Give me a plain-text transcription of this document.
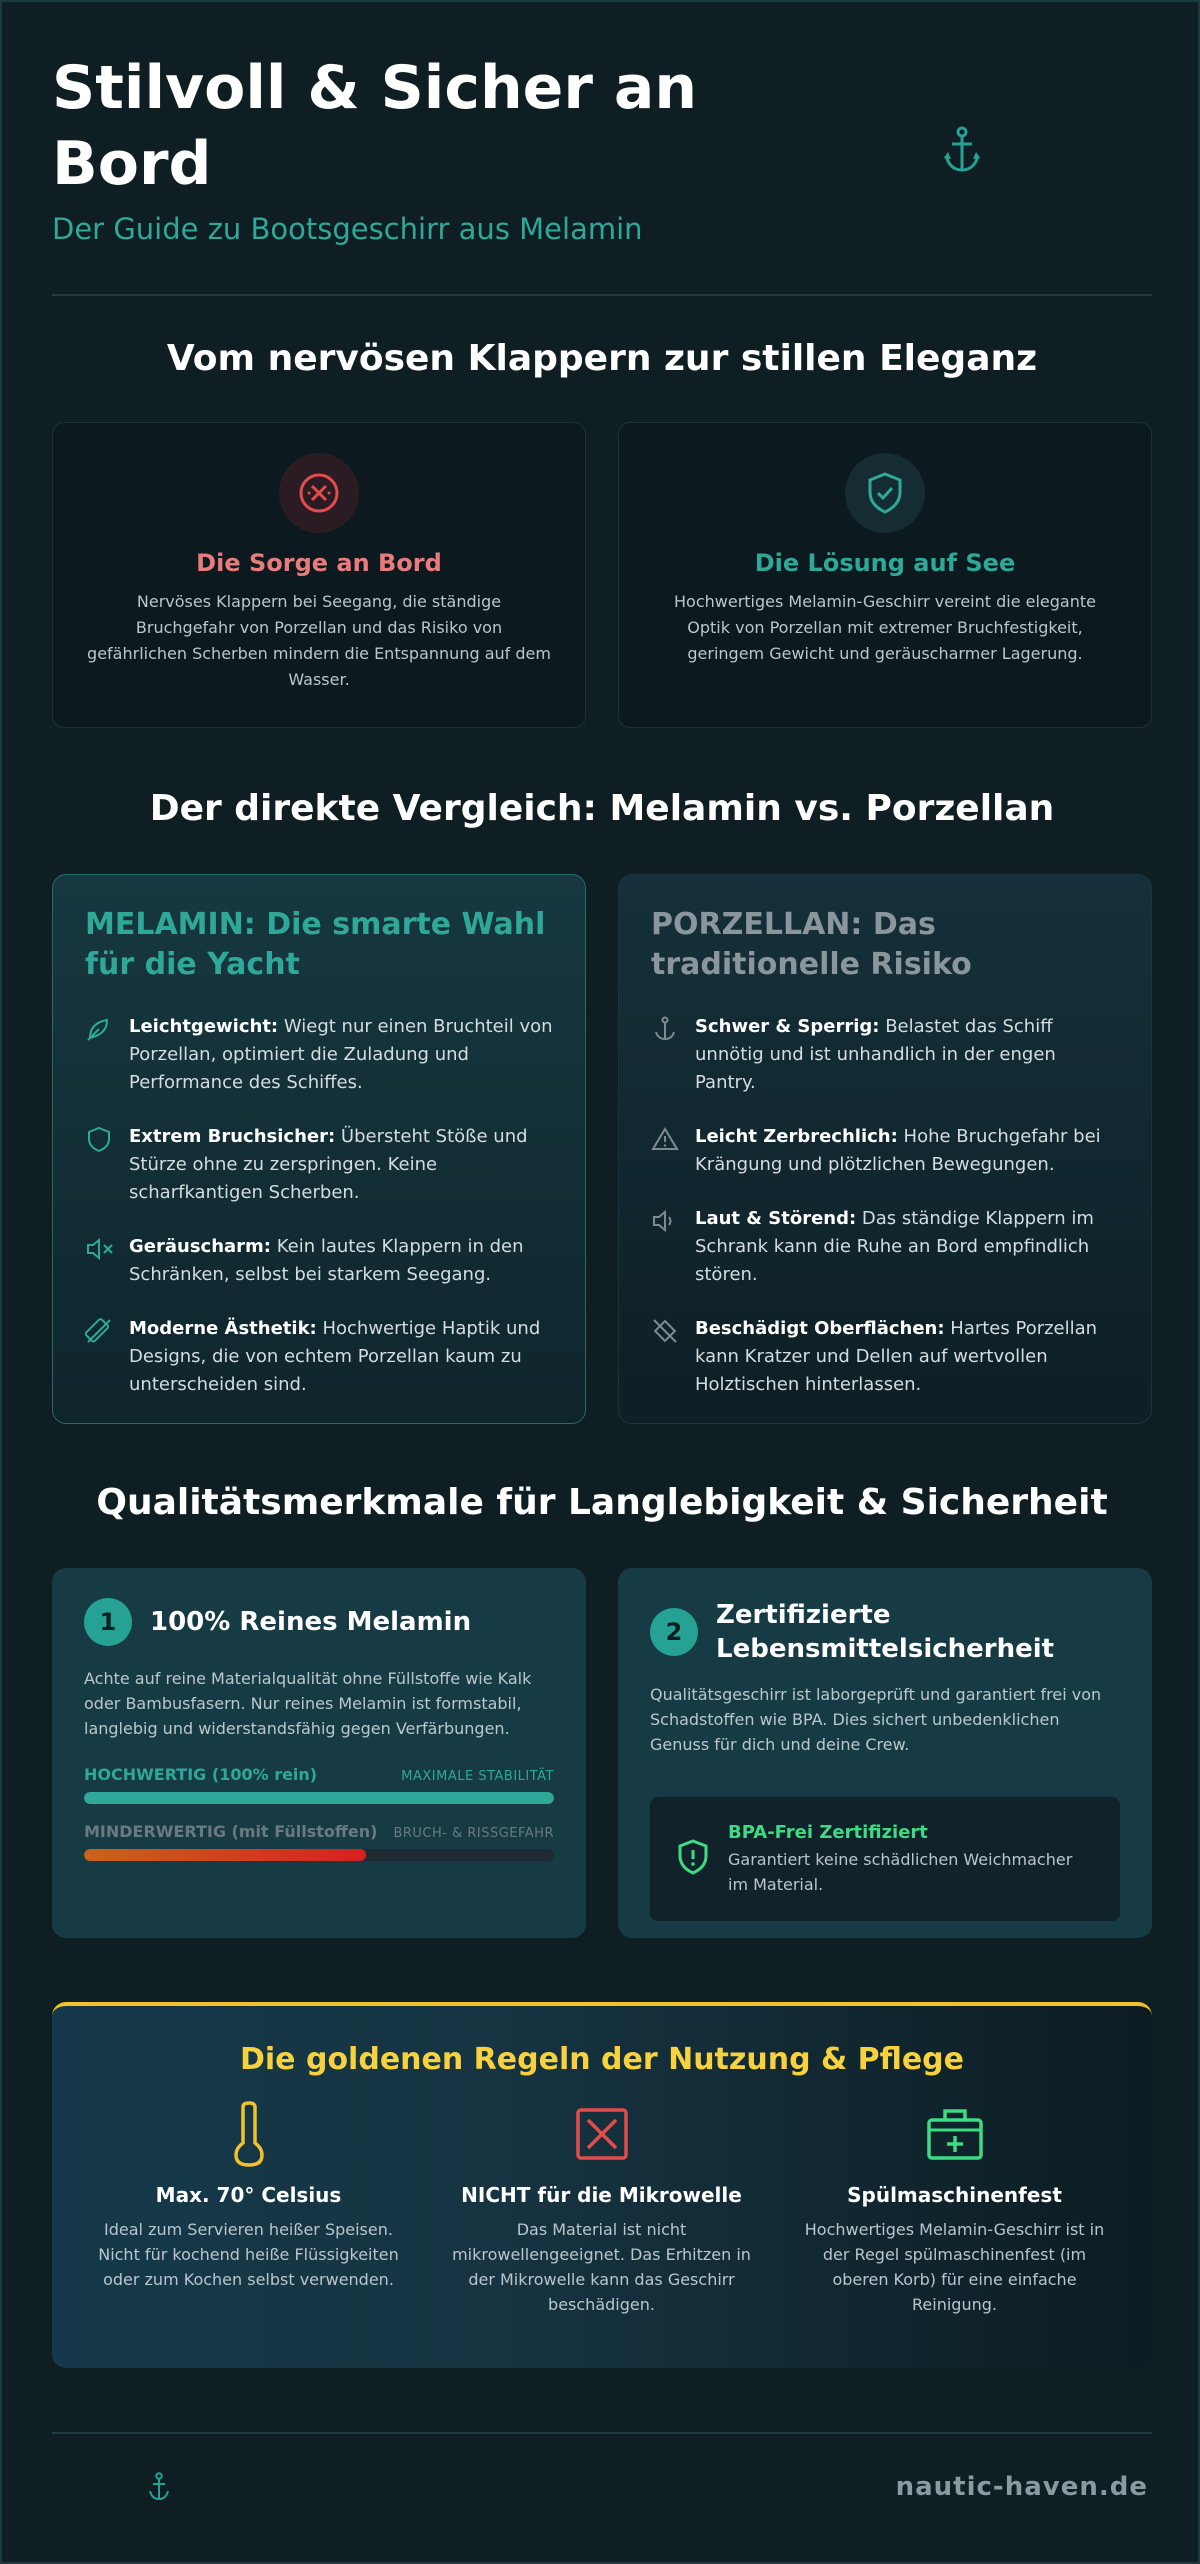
Stilvoll & Sicher an Bord
Der Guide zu Bootsgeschirr aus Melamin
Vom nervösen Klappern zur stillen Eleganz
Die Sorge an Bord

Nervöses Klappern bei Seegang, die ständige Bruchgefahr von Porzellan und das Risiko von gefährlichen Scherben mindern die Entspannung auf dem Wasser.

Die Lösung auf See

Hochwertiges Melamin-Geschirr vereint die elegante Optik von Porzellan mit extremer Bruchfestigkeit, geringem Gewicht und geräuscharmer Lagerung.

Der direkte Vergleich: Melamin vs. Porzellan
MELAMIN: Die smarte Wahl für die Yacht
Leichtgewicht: Wiegt nur einen Bruchteil von Porzellan, optimiert die Zuladung und Performance des Schiffes.
Extrem Bruchsicher: Übersteht Stöße und Stürze ohne zu zerspringen. Keine scharfkantigen Scherben.
Geräuscharm: Kein lautes Klappern in den Schränken, selbst bei starkem Seegang.
Moderne Ästhetik: Hochwertige Haptik und Designs, die von echtem Porzellan kaum zu unterscheiden sind.
PORZELLAN: Das traditionelle Risiko
Schwer & Sperrig: Belastet das Schiff unnötig und ist unhandlich in der engen Pantry.
Leicht Zerbrechlich: Hohe Bruchgefahr bei Krängung und plötzlichen Bewegungen.
Laut & Störend: Das ständige Klappern im Schrank kann die Ruhe an Bord empfindlich stören.
Beschädigt Oberflächen: Hartes Porzellan kann Kratzer und Dellen auf wertvollen Holztischen hinterlassen.
Qualitätsmerkmale für Langlebigkeit & Sicherheit
1	100% Reines Melamin
Achte auf reine Materialqualität ohne Füllstoffe wie Kalk oder Bambusfasern. Nur reines Melamin ist formstabil, langlebig und widerstandsfähig gegen Verfärbungen.
HOCHWERTIG (100% rein)	MAXIMALE STABILITÄT
MINDERWERTIG (mit Füllstoffen) BRUCH- & RISSGEFAHR
2
Zertifizierte Lebensmittelsicherheit
Qualitätsgeschirr ist laborgeprüft und garantiert frei von Schadstoffen wie BPA. Dies sichert unbedenklichen Genuss für dich und deine Crew.
BPA-Frei Zertifiziert
Garantiert keine schädlichen Weichmacher im Material.
Die goldenen Regeln der Nutzung & Pflege
Max. 70° Celsius

Ideal zum Servieren heißer Speisen. Nicht für kochend heiße Flüssigkeiten oder zum Kochen selbst verwenden.

NICHT für die Mikrowelle

Das Material ist nicht mikrowellengeeignet. Das Erhitzen in der Mikrowelle kann das Geschirr beschädigen.

Spülmaschinenfest

Hochwertiges Melamin-Geschirr ist in der Regel spülmaschinenfest (im oberen Korb) für eine einfache Reinigung.

nautic-haven.de
